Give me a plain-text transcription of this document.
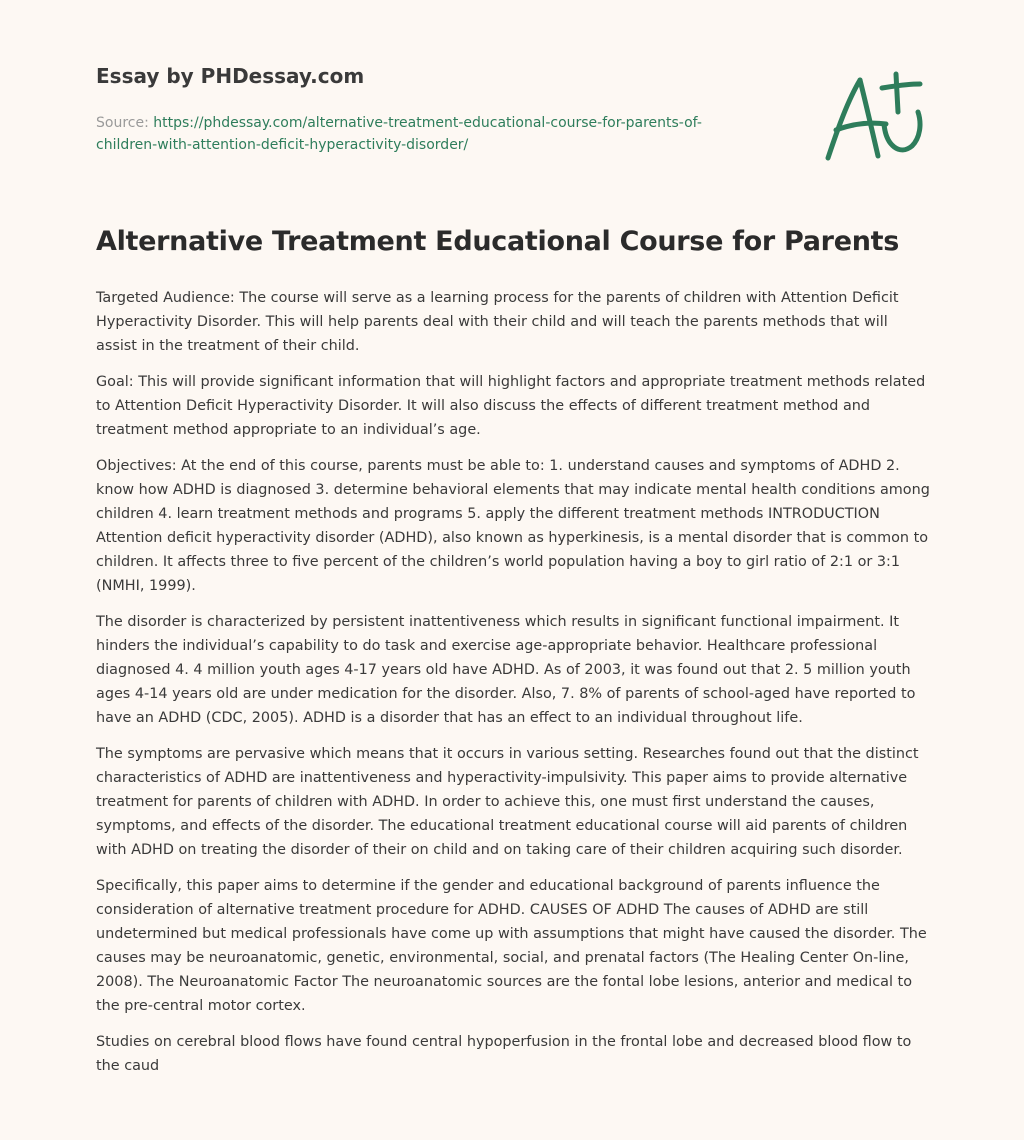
Essay by PHDessay.com
Source: https://phdessay.com/alternative-treatment-educational-course-for-parents-of-children-with-attention-deficit-hyperactivity-disorder/
Alternative Treatment Educational Course for Parents

Targeted Audience: The course will serve as a learning process for the parents of children with Attention Deficit Hyperactivity Disorder. This will help parents deal with their child and will teach the parents methods that will assist in the treatment of their child.

Goal: This will provide significant information that will highlight factors and appropriate treatment methods related to Attention Deficit Hyperactivity Disorder. It will also discuss the effects of different treatment method and treatment method appropriate to an individual’s age.

Objectives: At the end of this course, parents must be able to: 1. understand causes and symptoms of ADHD 2. know how ADHD is diagnosed 3. determine behavioral elements that may indicate mental health conditions among children 4. learn treatment methods and programs 5. apply the different treatment methods INTRODUCTION Attention deficit hyperactivity disorder (ADHD), also known as hyperkinesis, is a mental disorder that is common to children. It affects three to five percent of the children’s world population having a boy to girl ratio of 2:1 or 3:1 (NMHI, 1999).

The disorder is characterized by persistent inattentiveness which results in significant functional impairment. It hinders the individual’s capability to do task and exercise age-appropriate behavior. Healthcare professional diagnosed 4. 4 million youth ages 4-17 years old have ADHD. As of 2003, it was found out that 2. 5 million youth ages 4-14 years old are under medication for the disorder. Also, 7. 8% of parents of school-aged have reported to have an ADHD (CDC, 2005). ADHD is a disorder that has an effect to an individual throughout life.

The symptoms are pervasive which means that it occurs in various setting. Researches found out that the distinct characteristics of ADHD are inattentiveness and hyperactivity-impulsivity. This paper aims to provide alternative treatment for parents of children with ADHD. In order to achieve this, one must first understand the causes, symptoms, and effects of the disorder. The educational treatment educational course will aid parents of children with ADHD on treating the disorder of their on child and on taking care of their children acquiring such disorder.

Specifically, this paper aims to determine if the gender and educational background of parents influence the consideration of alternative treatment procedure for ADHD. CAUSES OF ADHD The causes of ADHD are still undetermined but medical professionals have come up with assumptions that might have caused the disorder. The causes may be neuroanatomic, genetic, environmental, social, and prenatal factors (The Healing Center On-line, 2008). The Neuroanatomic Factor The neuroanatomic sources are the fontal lobe lesions, anterior and medical to the pre-central motor cortex.

Studies on cerebral blood flows have found central hypoperfusion in the frontal lobe and decreased blood flow to the caud
